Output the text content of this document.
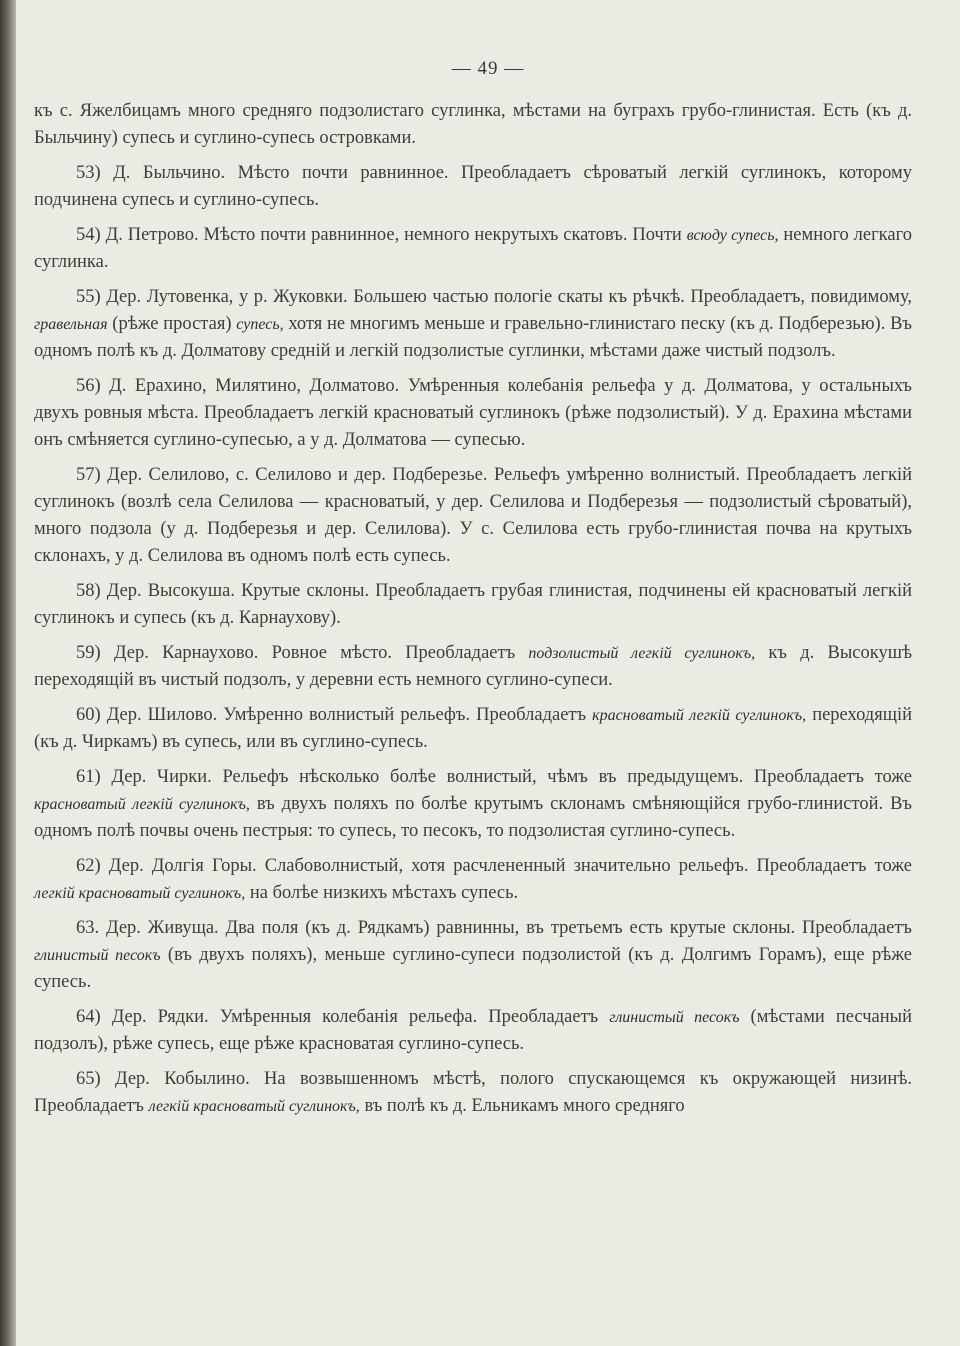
— 49 —

къ с. Яжелбицамъ много средняго подзолистаго суглинка, мѣстами на буграхъ грубо-глинистая. Есть (къ д. Быльчину) супесь и суглино-супесь островками.

53) Д. Быльчино. Мѣсто почти равнинное. Преобладаетъ сѣроватый легкій суглинокъ, которому подчинена супесь и суглино-супесь.

54) Д. Петрово. Мѣсто почти равнинное, немного некрутыхъ скатовъ. Почти всюду супесь, немного легкаго суглинка.

55) Дер. Лутовенка, у р. Жуковки. Большею частью пологіе скаты къ рѣчкѣ. Преобладаетъ, повидимому, гравельная (рѣже простая) супесь, хотя не многимъ меньше и гравельно-глинистаго песку (къ д. Подберезью). Въ одномъ полѣ къ д. Долматову средній и легкій подзолистые суглинки, мѣстами даже чистый подзолъ.

56) Д. Ерахино, Милятино, Долматово. Умѣренныя колебанія рельефа у д. Долматова, у остальныхъ двухъ ровныя мѣста. Преобладаетъ легкій красноватый суглинокъ (рѣже подзолистый). У д. Ерахина мѣстами онъ смѣняется суглино-супесью, а у д. Долматова — супесью.

57) Дер. Селилово, с. Селилово и дер. Подберезье. Рельефъ умѣренно волнистый. Преобладаетъ легкій суглинокъ (возлѣ села Селилова — красноватый, у дер. Селилова и Подберезья — подзолистый сѣроватый), много подзола (у д. Подберезья и дер. Селилова). У с. Селилова есть грубо-глинистая почва на крутыхъ склонахъ, у д. Селилова въ одномъ полѣ есть супесь.

58) Дер. Высокуша. Крутые склоны. Преобладаетъ грубая глинистая, подчинены ей красноватый легкій суглинокъ и супесь (къ д. Карнаухову).

59) Дер. Карнаухово. Ровное мѣсто. Преобладаетъ подзолистый легкій суглинокъ, къ д. Высокушѣ переходящій въ чистый подзолъ, у деревни есть немного суглино-супеси.

60) Дер. Шилово. Умѣренно волнистый рельефъ. Преобладаетъ красноватый легкій суглинокъ, переходящій (къ д. Чиркамъ) въ супесь, или въ суглино-супесь.

61) Дер. Чирки. Рельефъ нѣсколько болѣе волнистый, чѣмъ въ предыдущемъ. Преобладаетъ тоже красноватый легкій суглинокъ, въ двухъ поляхъ по болѣе крутымъ склонамъ смѣняющійся грубо-глинистой. Въ одномъ полѣ почвы очень пестрыя: то супесь, то песокъ, то подзолистая суглино-супесь.

62) Дер. Долгія Горы. Слабоволнистый, хотя расчлененный значительно рельефъ. Преобладаетъ тоже легкій красноватый суглинокъ, на болѣе низкихъ мѣстахъ супесь.

63. Дер. Живуща. Два поля (къ д. Рядкамъ) равнинны, въ третьемъ есть крутые склоны. Преобладаетъ глинистый песокъ (въ двухъ поляхъ), меньше суглино-супеси подзолистой (къ д. Долгимъ Горамъ), еще рѣже супесь.

64) Дер. Рядки. Умѣренныя колебанія рельефа. Преобладаетъ глинистый песокъ (мѣстами песчаный подзолъ), рѣже супесь, еще рѣже красноватая суглино-супесь.

65) Дер. Кобылино. На возвышенномъ мѣстѣ, полого спускающемся къ окружающей низинѣ. Преобладаетъ легкій красноватый суглинокъ, въ полѣ къ д. Ельникамъ много средняго
